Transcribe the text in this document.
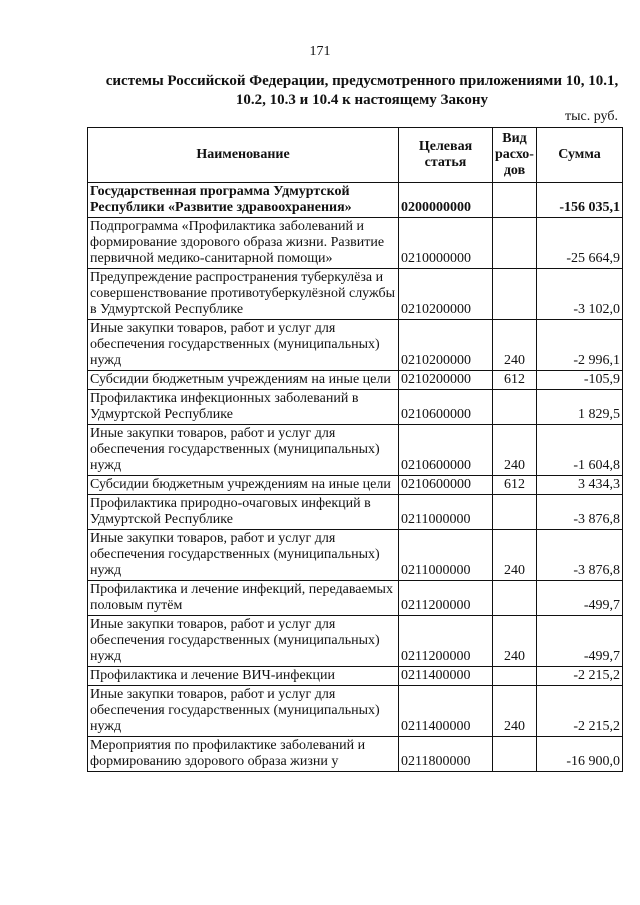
171
системы Российской Федерации, предусмотренного приложениями 10, 10.1,
10.2, 10.3 и 10.4 к настоящему Закону
тыс. руб.
Наименование	Целевая статья	Вид расхо-дов	Сумма
Государственная программа Удмуртской Республики «Развитие здравоохранения»	0200000000		-156 035,1
Подпрограмма «Профилактика заболеваний и формирование здорового образа жизни. Развитие первичной медико-санитарной помощи»	0210000000		-25 664,9
Предупреждение распространения туберкулёза и совершенствование противотуберкулёзной службы в Удмуртской Республике	0210200000		-3 102,0
Иные закупки товаров, работ и услуг для обеспечения государственных (муниципальных) нужд	0210200000	240	-2 996,1
Субсидии бюджетным учреждениям на иные цели	0210200000	612	-105,9
Профилактика инфекционных заболеваний в Удмуртской Республике	0210600000		1 829,5
Иные закупки товаров, работ и услуг для обеспечения государственных (муниципальных) нужд	0210600000	240	-1 604,8
Субсидии бюджетным учреждениям на иные цели	0210600000	612	3 434,3
Профилактика природно-очаговых инфекций в Удмуртской Республике	0211000000		-3 876,8
Иные закупки товаров, работ и услуг для обеспечения государственных (муниципальных) нужд	0211000000	240	-3 876,8
Профилактика и лечение инфекций, передаваемых половым путём	0211200000		-499,7
Иные закупки товаров, работ и услуг для обеспечения государственных (муниципальных) нужд	0211200000	240	-499,7
Профилактика и лечение ВИЧ-инфекции	0211400000		-2 215,2
Иные закупки товаров, работ и услуг для обеспечения государственных (муниципальных) нужд	0211400000	240	-2 215,2
Мероприятия по профилактике заболеваний и формированию здорового образа жизни у	0211800000		-16 900,0
